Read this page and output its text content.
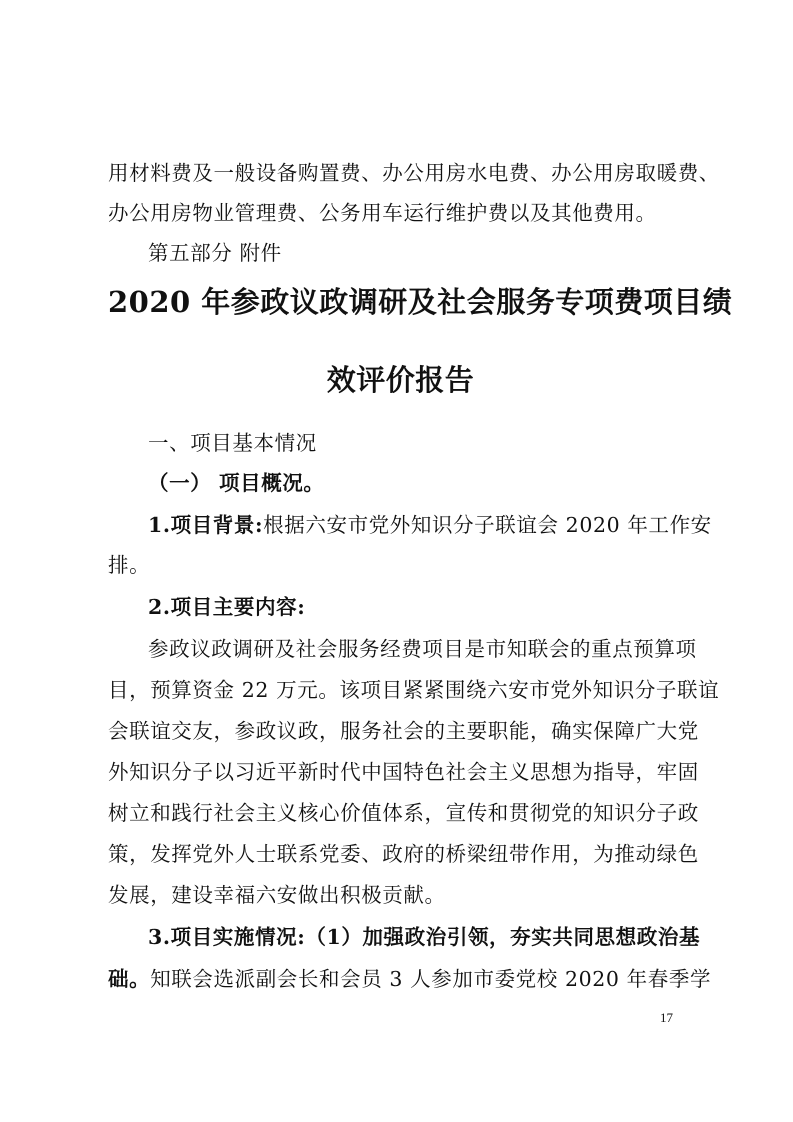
用材料费及一般设备购置费、办公用房水电费、办公用房取暖费、
办公用房物业管理费、公务用车运行维护费以及其他费用。
第五部分 附件
2020 年参政议政调研及社会服务专项费项目绩
效评价报告
一、项目基本情况
（一） 项目概况。
1.项目背景:根据六安市党外知识分子联谊会 2020 年工作安
排。
2.项目主要内容:
参政议政调研及社会服务经费项目是市知联会的重点预算项
目，预算资金 22 万元。该项目紧紧围绕六安市党外知识分子联谊
会联谊交友，参政议政，服务社会的主要职能，确实保障广大党
外知识分子以习近平新时代中国特色社会主义思想为指导，牢固
树立和践行社会主义核心价值体系，宣传和贯彻党的知识分子政
策，发挥党外人士联系党委、政府的桥梁纽带作用，为推动绿色
发展，建设幸福六安做出积极贡献。
3.项目实施情况:（1）加强政治引领，夯实共同思想政治基
础。知联会选派副会长和会员 3 人参加市委党校 2020 年春季学
17
